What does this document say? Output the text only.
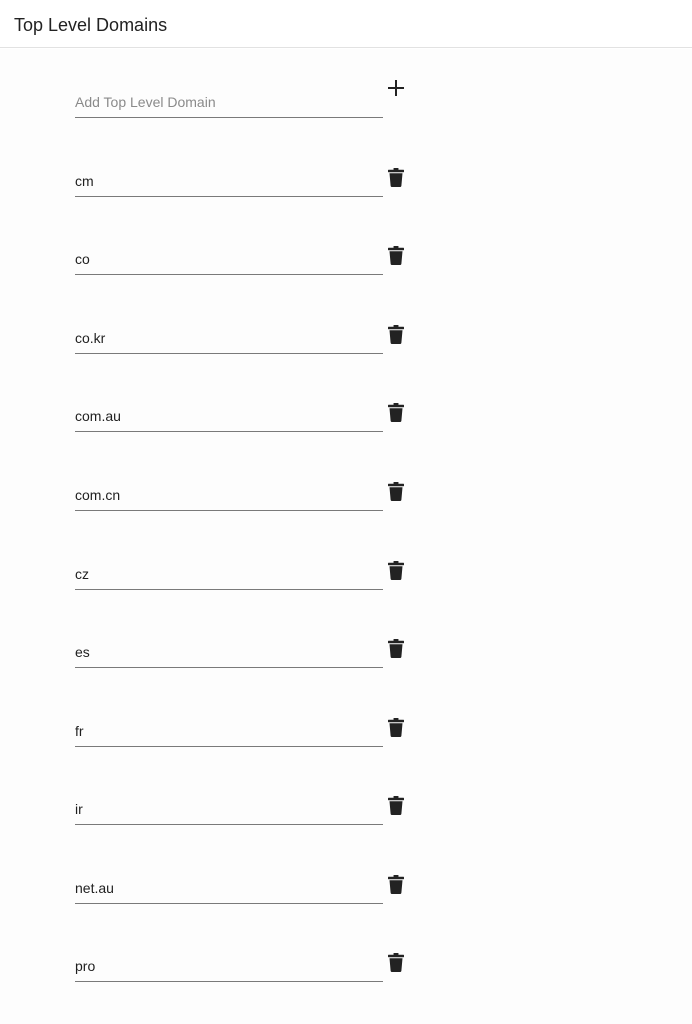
Top Level Domains
Add Top Level Domain
cm
co
co.kr
com.au
com.cn
cz
es
fr
ir
net.au
pro
